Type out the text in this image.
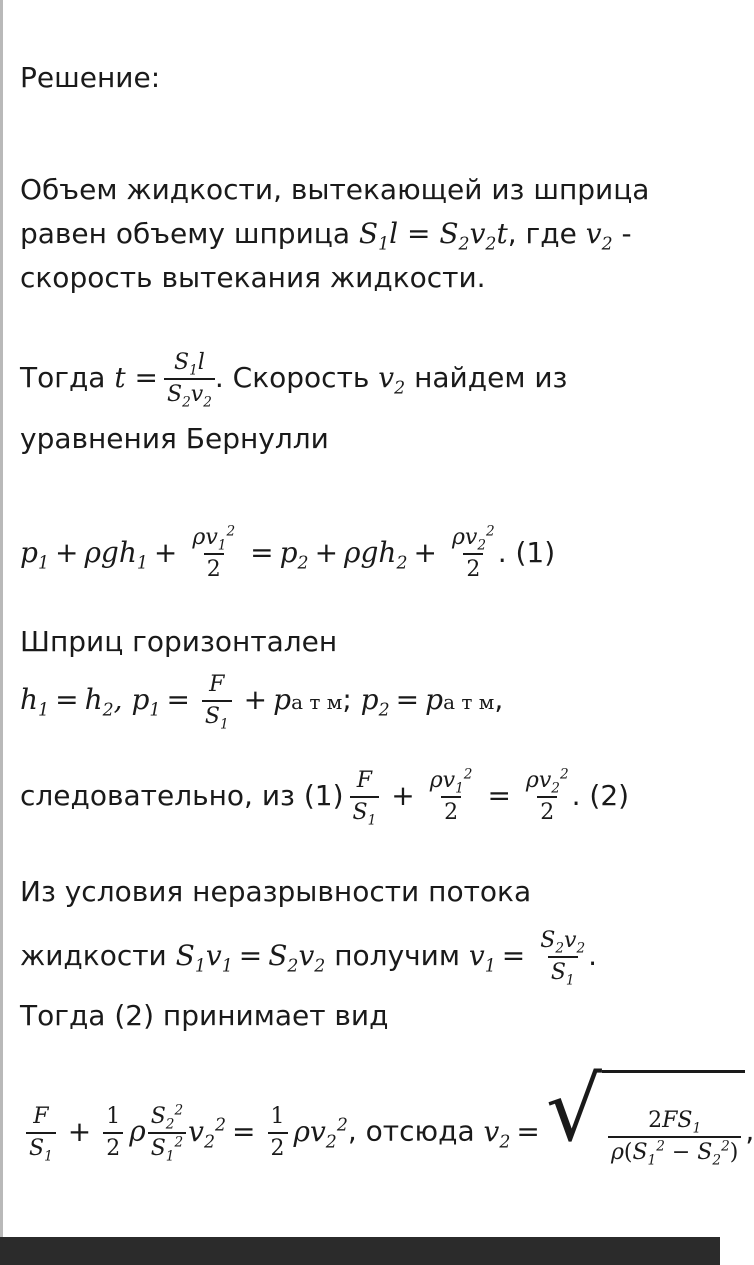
Решение:
Объем жидкости, вытекающей из шприца
равен объему шприца $S_1l = S_2v_2t$, где $v_2$ -
скорость вытекания жидкости.
Тогда $t = \frac{S_1l}{S_2v_2}$ . Скорость $v_2$ найдем из
уравнения Бернулли
$p_1 + \rho gh_1 + \frac{\rho v_1^2}{2} = p_2 + \rho gh_2 + \frac{\rho v_2^2}{2}$ . (1)
Шприц горизонтален
$h_1 = h_2$, $p_1 = \frac{F}{S_1}$ + pа т м; $p_2$ = pа т м,
следовательно, из $(1) \frac{F}{S_1} + \frac{\rho v_1^2}{2} = \frac{\rho v_2^2}{2}$ . (2)
Из условия неразрывности потока
жидкости $S_1v_1 = S_2v_2$ получим $v_1 = \frac{S_2v_2}{S_1}$ .
Тогда (2) принимает вид
$\frac{F}{S_1} + \frac{1}{2}$ ρ $\frac{S_2^2}{S_1^2} v_2^2 = \frac{1}{2} \rho v_2^2$, отсюда $v_2$ = √ $\frac{2FS_1}{\rho(S_1^2 - S_2^2)}$ ,
